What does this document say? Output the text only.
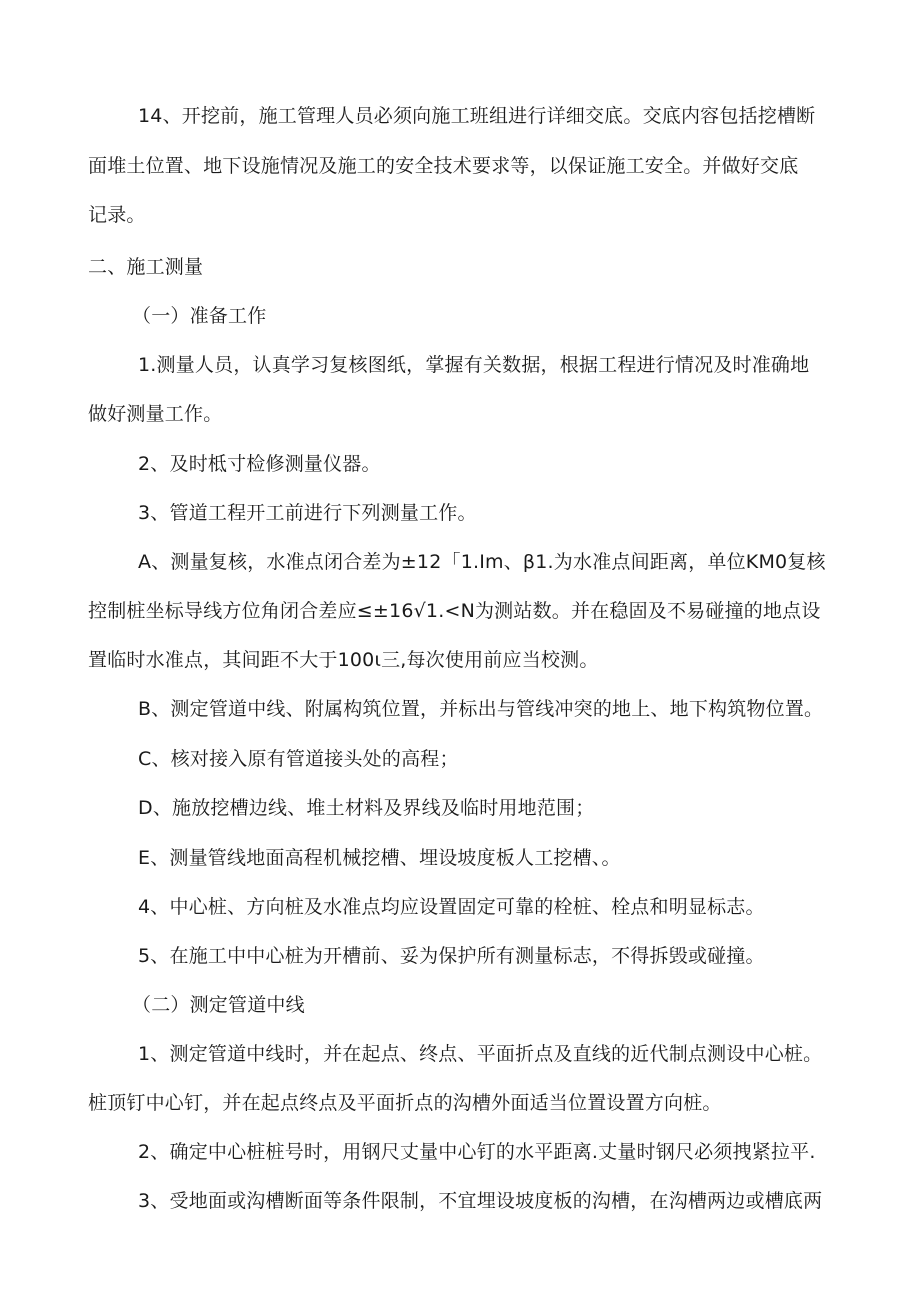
14、开挖前，施工管理人员必须向施工班组进行详细交底。交底内容包括挖槽断
面堆土位置、地下设施情况及施工的安全技术要求等，以保证施工安全。并做好交底
记录。
二、施工测量
（一）准备工作
1.测量人员，认真学习复核图纸，掌握有关数据，根据工程进行情况及时准确地
做好测量工作。
2、及时柢寸检修测量仪器。
3、管道工程开工前进行下列测量工作。
A、测量复核，水准点闭合差为±12「1.Im、β1.为水准点间距离，单位KM0复核
控制桩坐标导线方位角闭合差应≤±16√1.<N为测站数。并在稳固及不易碰撞的地点设
置临时水准点，其间距不大于100ι三,每次使用前应当校测。
B、测定管道中线、附属构筑位置，并标出与管线冲突的地上、地下构筑物位置。
C、核对接入原有管道接头处的高程；
D、施放挖槽边线、堆土材料及界线及临时用地范围；
E、测量管线地面高程机械挖槽、埋设坡度板人工挖槽、。
4、中心桩、方向桩及水准点均应设置固定可靠的栓桩、栓点和明显标志。
5、在施工中中心桩为开槽前、妥为保护所有测量标志，不得拆毁或碰撞。
（二）测定管道中线
1、测定管道中线时，并在起点、终点、平面折点及直线的近代制点测设中心桩。
桩顶钉中心钉，并在起点终点及平面折点的沟槽外面适当位置设置方向桩。
2、确定中心桩桩号时，用钢尺丈量中心钉的水平距离.丈量时钢尺必须拽紧拉平.
3、受地面或沟槽断面等条件限制，不宜埋设坡度板的沟槽，在沟槽两边或槽底两
